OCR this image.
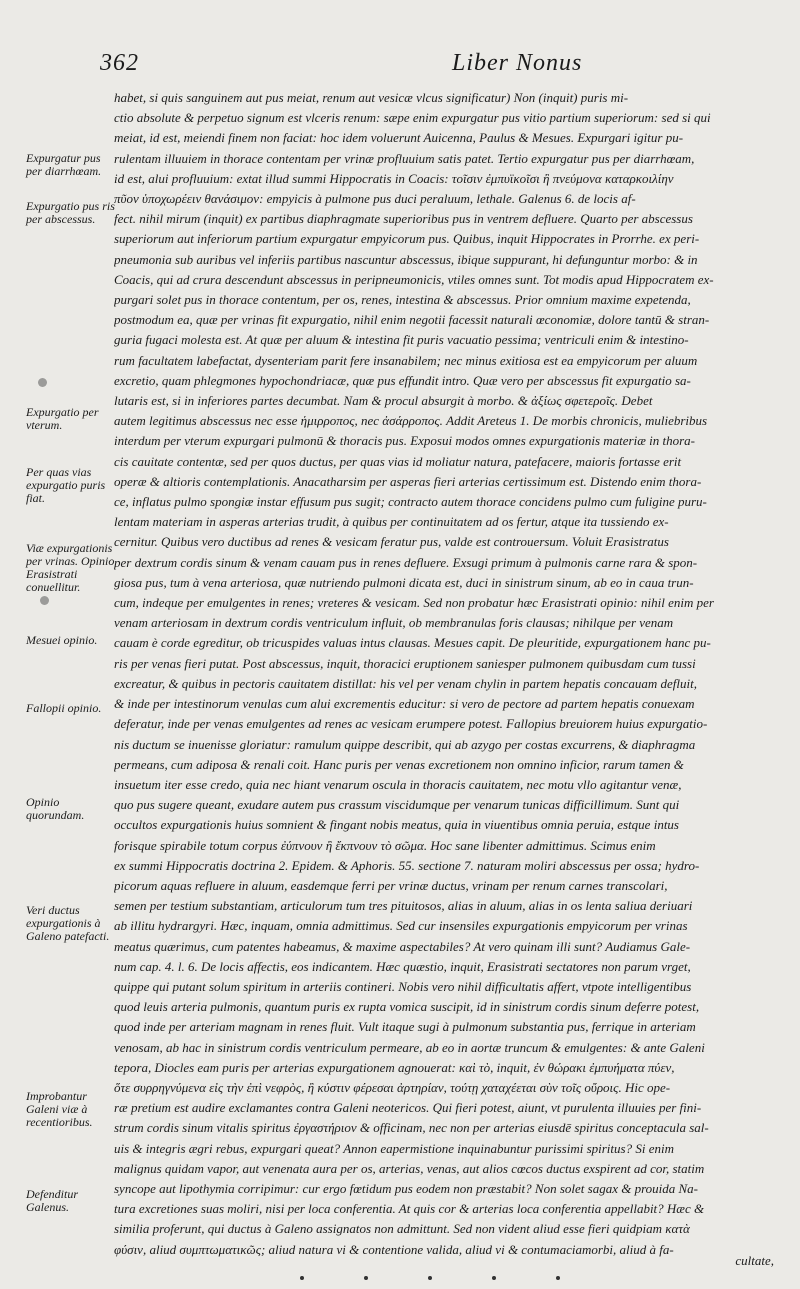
362	Liber Nonus
Expurgatur pus per diarrhœam.
Expurgatio pus ris per abscessus.
Expurgatio per vterum.
Per quas vias expurgatio puris fiat.
Viæ expurgationis per vrinas. Opinio Erasistrati conuellitur.
Mesuei opinio.
Fallopii opinio.
Opinio quorundam.
Veri ductus expurgationis à Galeno patefacti.
Improbantur Galeni viæ à recentioribus.
Defenditur Galenus.
habet, si quis sanguinem aut pus meiat, renum aut vesicæ vlcus significatur) Non (inquit) puris mi-
ctio absolute & perpetuo signum est vlceris renum: sæpe enim expurgatur pus vitio partium superiorum: sed si qui
meiat, id est, meiendi finem non faciat: hoc idem voluerunt Auicenna, Paulus & Mesues. Expurgari igitur pu-
rulentam illuuiem in thorace contentam per vrinæ profluuium satis patet. Tertio expurgatur pus per diarrhœam,
id est, alui profluuium: extat illud summi Hippocratis in Coacis: τοῖσιν ἐμπυϊκοῖσι ἢ πνεύμονα καταρκοιλίην
πῦον ὑποχωρέειν θανάσιμον: empyicis à pulmone pus duci peraluum, lethale. Galenus 6. de locis af-
fect. nihil mirum (inquit) ex partibus diaphragmate superioribus pus in ventrem defluere. Quarto per abscessus
superiorum aut inferiorum partium expurgatur empyicorum pus. Quibus, inquit Hippocrates in Prorrhe. ex peri-
pneumonia sub auribus vel inferiis partibus nascuntur abscessus, ibique suppurant, hi defunguntur morbo: & in
Coacis, qui ad crura descendunt abscessus in peripneumonicis, vtiles omnes sunt. Tot modis apud Hippocratem ex-
purgari solet pus in thorace contentum, per os, renes, intestina & abscessus. Prior omnium maxime expetenda,
postmodum ea, quæ per vrinas fit expurgatio, nihil enim negotii facessit naturali œconomiæ, dolore tantū & stran-
guria fugaci molesta est. At quæ per aluum & intestina fit puris vacuatio pessima; ventriculi enim & intestino-
rum facultatem labefactat, dysenteriam parit fere insanabilem; nec minus exitiosa est ea empyicorum per aluum
excretio, quam phlegmones hypochondriacæ, quæ pus effundit intro. Quæ vero per abscessus fit expurgatio sa-
lutaris est, si in inferiores partes decumbat. Nam & procul absurgit à morbo. & ἀξίως σφετεροῖς. Debet
autem legitimus abscessus nec esse ἡμιρροπος, nec ἀσάρροπος. Addit Areteus 1. De morbis chronicis, muliebribus
interdum per vterum expurgari pulmonū & thoracis pus. Exposui modos omnes expurgationis materiæ in thora-
cis cauitate contentæ, sed per quos ductus, per quas vias id moliatur natura, patefacere, maioris fortasse erit
operæ & altioris contemplationis. Anacatharsim per asperas fieri arterias certissimum est. Distendo enim thora-
ce, inflatus pulmo spongiæ instar effusum pus sugit; contracto autem thorace concidens pulmo cum fuligine puru-
lentam materiam in asperas arterias trudit, à quibus per continuitatem ad os fertur, atque ita tussiendo ex-
cernitur. Quibus vero ductibus ad renes & vesicam feratur pus, valde est controuersum. Voluit Erasistratus
per dextrum cordis sinum & venam cauam pus in renes defluere. Exsugi primum à pulmonis carne rara & spon-
giosa pus, tum à vena arteriosa, quæ nutriendo pulmoni dicata est, duci in sinistrum sinum, ab eo in caua trun-
cum, indeque per emulgentes in renes; vreteres & vesicam. Sed non probatur hæc Erasistrati opinio: nihil enim per
venam arteriosam in dextrum cordis ventriculum influit, ob membranulas foris clausas; nihilque per venam
cauam è corde egreditur, ob tricuspides valuas intus clausas. Mesues capit. De pleuritide, expurgationem hanc pu-
ris per venas fieri putat. Post abscessus, inquit, thoracici eruptionem saniesper pulmonem quibusdam cum tussi
excreatur, & quibus in pectoris cauitatem distillat: his vel per venam chylin in partem hepatis concauam defluit,
& inde per intestinorum venulas cum alui excrementis educitur: si vero de pectore ad partem hepatis conuexam
deferatur, inde per venas emulgentes ad renes ac vesicam erumpere potest. Fallopius breuiorem huius expurgatio-
nis ductum se inuenisse gloriatur: ramulum quippe describit, qui ab azygo per costas excurrens, & diaphragma
permeans, cum adiposa & renali coit. Hanc puris per venas excretionem non omnino inficior, rarum tamen &
insuetum iter esse credo, quia nec hiant venarum oscula in thoracis cauitatem, nec motu vllo agitantur venæ,
quo pus sugere queant, exudare autem pus crassum viscidumque per venarum tunicas difficillimum. Sunt qui
occultos expurgationis huius somnient & fingant nobis meatus, quia in viuentibus omnia peruia, estque intus
forisque spirabile totum corpus ἐύπνουν ἢ ἔκπνουν τὸ σῶμα. Hoc sane libenter admittimus. Scimus enim
ex summi Hippocratis doctrina 2. Epidem. & Aphoris. 55. sectione 7. naturam moliri abscessus per ossa; hydro-
picorum aquas refluere in aluum, easdemque ferri per vrinæ ductus, vrinam per renum carnes transcolari,
semen per testium substantiam, articulorum tum tres pituitosos, alias in aluum, alias in os lenta saliua deriuari
ab illitu hydrargyri. Hæc, inquam, omnia admittimus. Sed cur insensiles expurgationis empyicorum per vrinas
meatus quærimus, cum patentes habeamus, & maxime aspectabiles? At vero quinam illi sunt? Audiamus Gale-
num cap. 4. l. 6. De locis affectis, eos indicantem. Hæc quæstio, inquit, Erasistrati sectatores non parum vrget,
quippe qui putant solum spiritum in arteriis contineri. Nobis vero nihil difficultatis affert, vtpote intelligentibus
quod leuis arteria pulmonis, quantum puris ex rupta vomica suscipit, id in sinistrum cordis sinum deferre potest,
quod inde per arteriam magnam in renes fluit. Vult itaque sugi à pulmonum substantia pus, ferrique in arteriam
venosam, ab hac in sinistrum cordis ventriculum permeare, ab eo in aortæ truncum & emulgentes: & ante Galeni
tepora, Diocles eam puris per arterias expurgationem agnouerat: καὶ τὸ, inquit, ἐν θώρακι ἐμπυήματα πύεν,
ὅτε συρρηγνύμενα εἰς τὴν ἐπὶ νεφρὸς, ἢ κύστιν φέρεσαι ἀρτηρίαν, τούτῃ χαταχέεται σὺν τοῖς οὔροις. Hic ope-
ræ pretium est audire exclamantes contra Galeni neotericos. Qui fieri potest, aiunt, vt purulenta illuuies per fini-
strum cordis sinum vitalis spiritus ἐργαστήριον & officinam, nec non per arterias eiusdē spiritus conceptacula sal-
uis & integris ægri rebus, expurgari queat? Annon eapermistione inquinabuntur purissimi spiritus? Si enim
malignus quidam vapor, aut venenata aura per os, arterias, venas, aut alios cœcos ductus exspirent ad cor, statim
syncope aut lipothymia corripimur: cur ergo fœtidum pus eodem non præstabit? Non solet sagax & prouida Na-
tura excretiones suas moliri, nisi per loca conferentia. At quis cor & arterias loca conferentia appellabit? Hæc &
similia proferunt, qui ductus à Galeno assignatos non admittunt. Sed non vident aliud esse fieri quidpiam κατὰ
φύσιν, aliud συμπτωματικῶς; aliud natura vi & contentione valida, aliud vi & contumaciamorbi, aliud à fa-
cultate,
